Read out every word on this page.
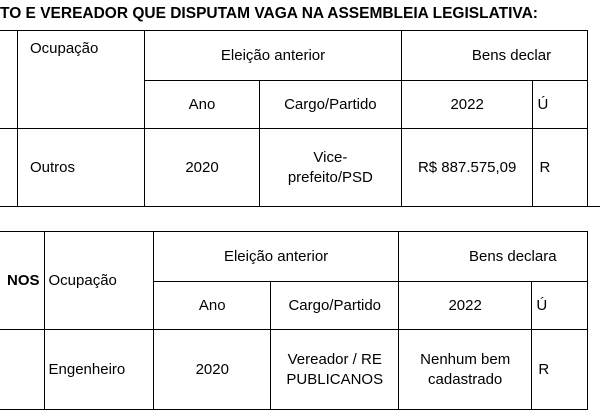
TO E VEREADOR QUE DISPUTAM VAGA NA ASSEMBLEIA LEGISLATIVA:
	Ocupação	Eleição anterior		Bens declar	
		Ano	Cargo/Partido	2022	Ú
	Outros	2020	Vice-prefeito/PSD	R$ 887.575,09	R
NOS	Ocupação	Eleição anterior		Bens declara	
		Ano	Cargo/Partido	2022	Ú
	Engenheiro	2020	Vereador / REPUBLICANOS	Nenhum bem cadastrado	R
